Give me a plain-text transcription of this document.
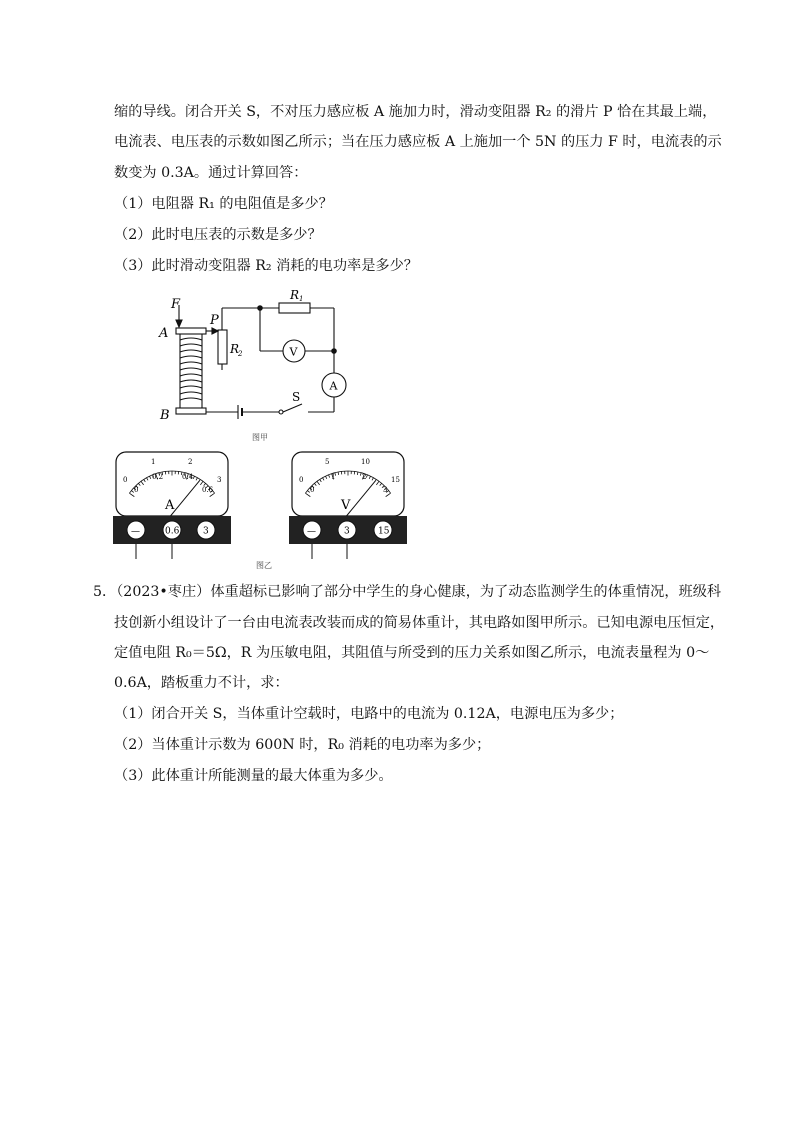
缩的导线。闭合开关 S，不对压力感应板 A 施加力时，滑动变阻器 R₂ 的滑片 P 恰在其最上端，
电流表、电压表的示数如图乙所示；当在压力感应板 A 上施加一个 5N 的压力 F 时，电流表的示
数变为 0.3A。通过计算回答：
（1）电阻器 R₁ 的电阻值是多少？
（2）此时电压表的示数是多少？
（3）此时滑动变阻器 R₂ 消耗的电功率是多少？
F
A
B
P
R 1
R
2	V
A
S
图甲
0
1	2
3
0
0.2	0.4
0.6
A
—	0.6	3
0
5	10
15
0
1	2
3
V
—	3	15
图乙
5．（2023•枣庄）体重超标已影响了部分中学生的身心健康，为了动态监测学生的体重情况，班级科
技创新小组设计了一台由电流表改装而成的简易体重计，其电路如图甲所示。已知电源电压恒定，
定值电阻 R₀＝5Ω，R 为压敏电阻，其阻值与所受到的压力关系如图乙所示，电流表量程为 0～
0.6A，踏板重力不计，求：
（1）闭合开关 S，当体重计空载时，电路中的电流为 0.12A，电源电压为多少；
（2）当体重计示数为 600N 时，R₀ 消耗的电功率为多少；
（3）此体重计所能测量的最大体重为多少。
